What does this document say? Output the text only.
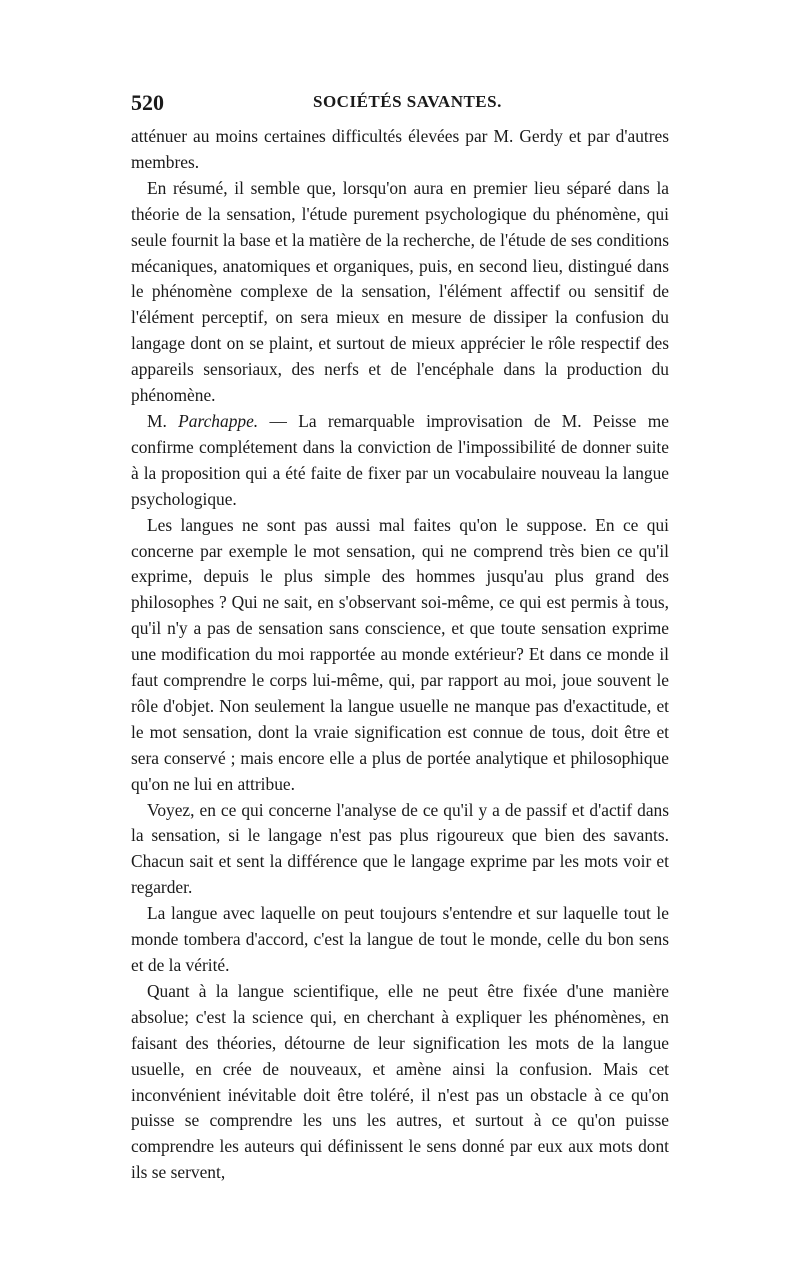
520	SOCIÉTÉS SAVANTES.

atténuer au moins certaines difficultés élevées par M. Gerdy et par d'autres membres.

En résumé, il semble que, lorsqu'on aura en premier lieu séparé dans la théorie de la sensation, l'étude purement psychologique du phénomène, qui seule fournit la base et la matière de la recherche, de l'étude de ses conditions mécaniques, anatomiques et organiques, puis, en second lieu, distingué dans le phénomène complexe de la sensation, l'élément affectif ou sensitif de l'élément perceptif, on sera mieux en mesure de dissiper la confusion du langage dont on se plaint, et surtout de mieux apprécier le rôle respectif des appareils sensoriaux, des nerfs et de l'encéphale dans la production du phénomène.

M. Parchappe. — La remarquable improvisation de M. Peisse me confirme complétement dans la conviction de l'impossibilité de donner suite à la proposition qui a été faite de fixer par un vocabulaire nouveau la langue psychologique.

Les langues ne sont pas aussi mal faites qu'on le suppose. En ce qui concerne par exemple le mot sensation, qui ne comprend très bien ce qu'il exprime, depuis le plus simple des hommes jusqu'au plus grand des philosophes ? Qui ne sait, en s'observant soi-même, ce qui est permis à tous, qu'il n'y a pas de sensation sans conscience, et que toute sensation exprime une modification du moi rapportée au monde extérieur? Et dans ce monde il faut comprendre le corps lui-même, qui, par rapport au moi, joue souvent le rôle d'objet. Non seulement la langue usuelle ne manque pas d'exactitude, et le mot sensation, dont la vraie signification est connue de tous, doit être et sera conservé ; mais encore elle a plus de portée analytique et philosophique qu'on ne lui en attribue.

Voyez, en ce qui concerne l'analyse de ce qu'il y a de passif et d'actif dans la sensation, si le langage n'est pas plus rigoureux que bien des savants. Chacun sait et sent la différence que le langage exprime par les mots voir et regarder.

La langue avec laquelle on peut toujours s'entendre et sur laquelle tout le monde tombera d'accord, c'est la langue de tout le monde, celle du bon sens et de la vérité.

Quant à la langue scientifique, elle ne peut être fixée d'une manière absolue; c'est la science qui, en cherchant à expliquer les phénomènes, en faisant des théories, détourne de leur signification les mots de la langue usuelle, en crée de nouveaux, et amène ainsi la confusion. Mais cet inconvénient inévitable doit être toléré, il n'est pas un obstacle à ce qu'on puisse se comprendre les uns les autres, et surtout à ce qu'on puisse comprendre les auteurs qui définissent le sens donné par eux aux mots dont ils se servent,
